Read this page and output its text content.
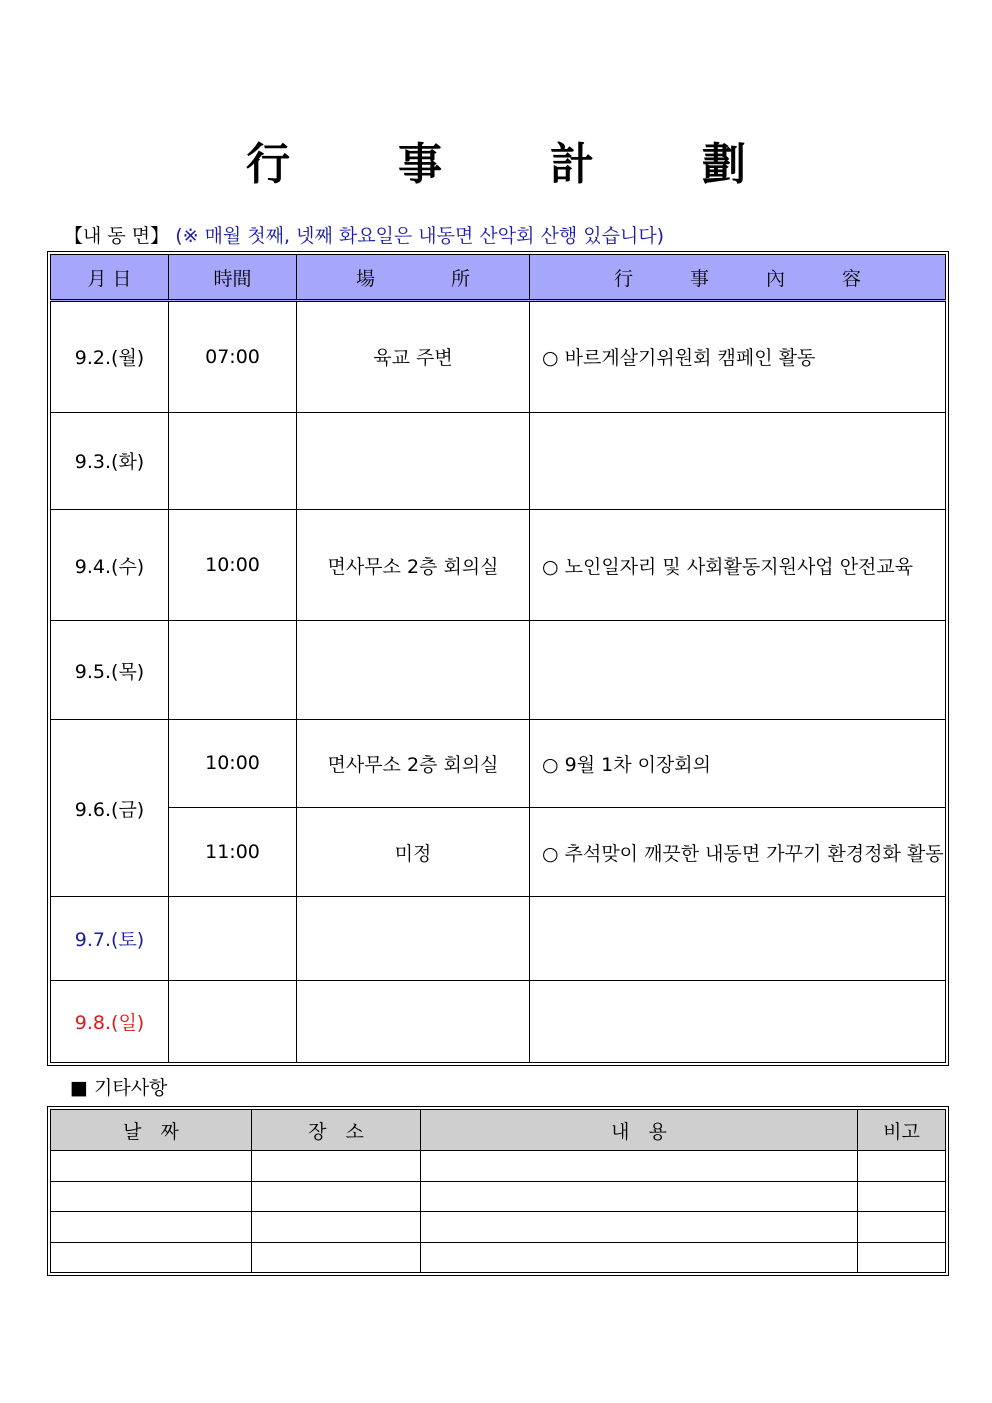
行 事 計 劃
【내 동 면】 (※ 매월 첫째, 넷째 화요일은 내동면 산악회 산행 있습니다)
月 日	時間	場　　　　所	行　　　事　　　內　　　容
9.2.(월)	07:00	육교 주변	○ 바르게살기위원회 캠페인 활동
9.3.(화)			
9.4.(수)	10:00	면사무소 2층 회의실	○ 노인일자리 및 사회활동지원사업 안전교육
9.5.(목)			
9.6.(금)	10:00	면사무소 2층 회의실	○ 9월 1차 이장회의
	11:00	미정	○ 추석맞이 깨끗한 내동면 가꾸기 환경정화 활동
9.7.(토)			
9.8.(일)			
■ 기타사항
날　짜	장　소	내　용	비고
